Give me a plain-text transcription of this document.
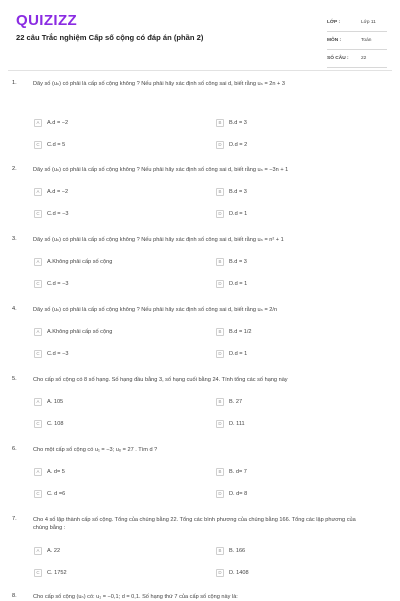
QUIZIZZ
22 câu Trắc nghiệm Cấp số cộng có đáp án (phần 2)
LỚP :	Lớp 11
MÔN :	Toán
SỐ CÂU :	22
1.	Dãy số (uₙ) có phải là cấp số cộng không ? Nếu phải hãy xác định số công sai d, biết rằng uₙ = 2n + 3
A	A.d = −2	B	B.d = 3
C	C.d = 5	D	D.d = 2
2.	Dãy số (uₙ) có phải là cấp số cộng không ? Nếu phải hãy xác định số công sai d, biết rằng uₙ = −3n + 1
A	A.d = −2	B	B.d = 3
C	C.d = −3	D	D.d = 1
3.	Dãy số (uₙ) có phải là cấp số cộng không ? Nếu phải hãy xác định số công sai d, biết rằng uₙ = n² + 1
A	A.Không phải cấp số cộng	B	B.d = 3
C	C.d = −3	D	D.d = 1
4.	Dãy số (uₙ) có phải là cấp số cộng không ? Nếu phải hãy xác định số công sai d, biết rằng uₙ = 2/n
A	A.Không phải cấp số cộng	B	B.d = 1/2
C	C.d = −3	D	D.d = 1
5.	Cho cấp số cộng có 8 số hạng. Số hạng đầu bằng 3, số hạng cuối bằng 24. Tính tổng các số hạng này
A	A. 105	B	B. 27
C	C. 108	D	D. 111
6.	Cho một cấp số cộng có u₁ = −3; u₆ = 27 . Tìm d ?
A	A. d= 5	B	B. d= 7
C	C. d =6	D	D. d= 8
7.	Cho 4 số lập thành cấp số cộng. Tổng của chúng bằng 22. Tổng các bình phương của chúng bằng 166. Tổng các lập phương của chúng bằng :
A	A. 22	B	B. 166
C	C. 1752	D	D. 1408
8.	Cho cấp số cộng (uₙ) có: u₁ = −0,1; d = 0,1. Số hạng thứ 7 của cấp số cộng này là:
